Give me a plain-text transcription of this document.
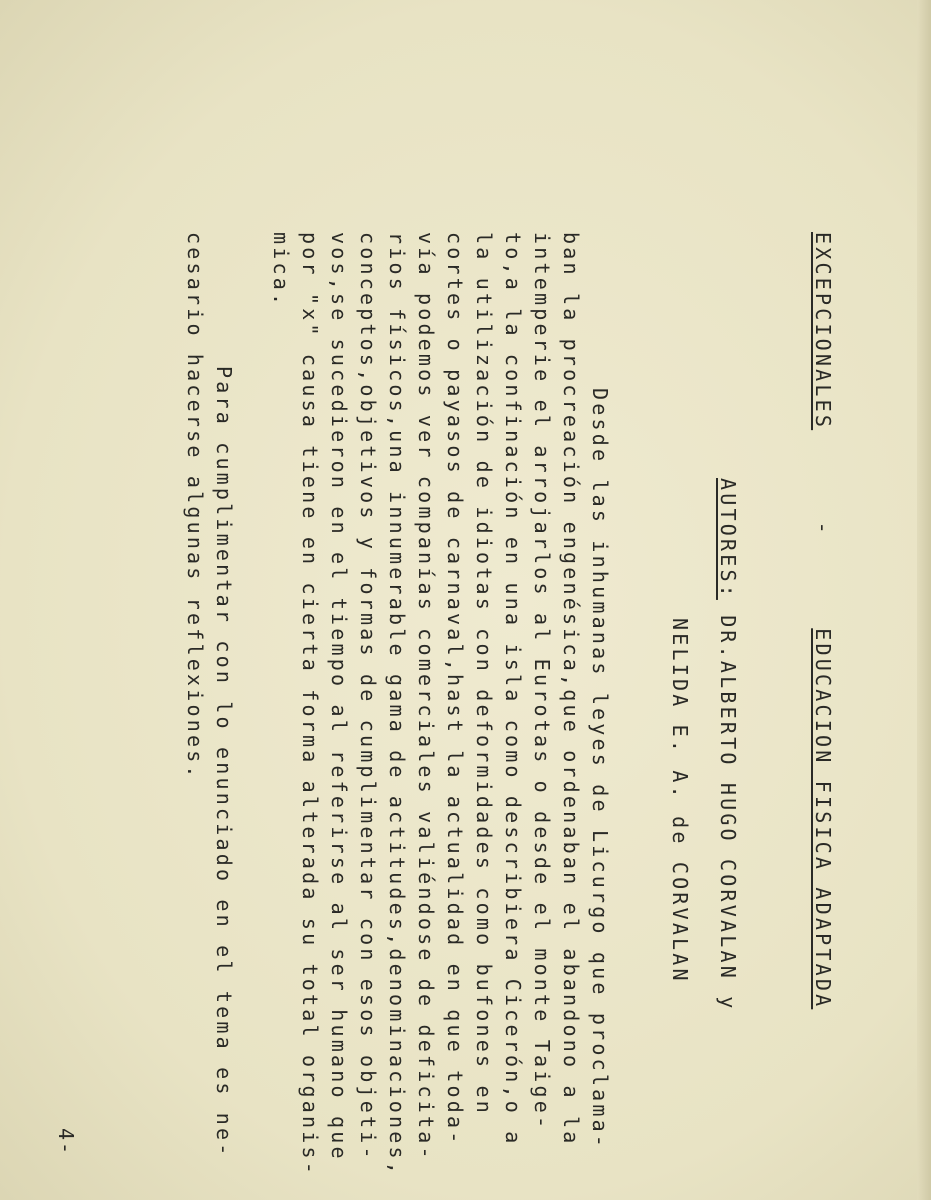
EXCEPCIONALES      -      EDUCACION FISICA ADAPTADA
AUTORES: DR.ALBERTO HUGO CORVALAN y
NELIDA E. A. de CORVALAN
Desde las inhumanas leyes de Licurgo que proclama-
ban la procreación engenésica,que ordenaban el abandono a la
intemperie el arrojarlos al Eurotas o desde el monte Taige-
to,a la confinación en una isla como describiera Cicerón,o a
la utilización de idiotas con deformidades como bufones en
cortes o payasos de carnaval,hast la actualidad en que toda-
vía podemos ver companías comerciales valiéndose de deficita-
rios físicos,una innumerable gama de actitudes,denominaciones,
conceptos,objetivos y formas de cumplimentar con esos objeti-
vos,se sucedieron en el tiempo al referirse al ser humano que
por "x" causa tiene en cierta forma alterada su total organis-
mica.
Para cumplimentar con lo enunciado en el tema es ne-
cesario hacerse algunas reflexiones.
4-
